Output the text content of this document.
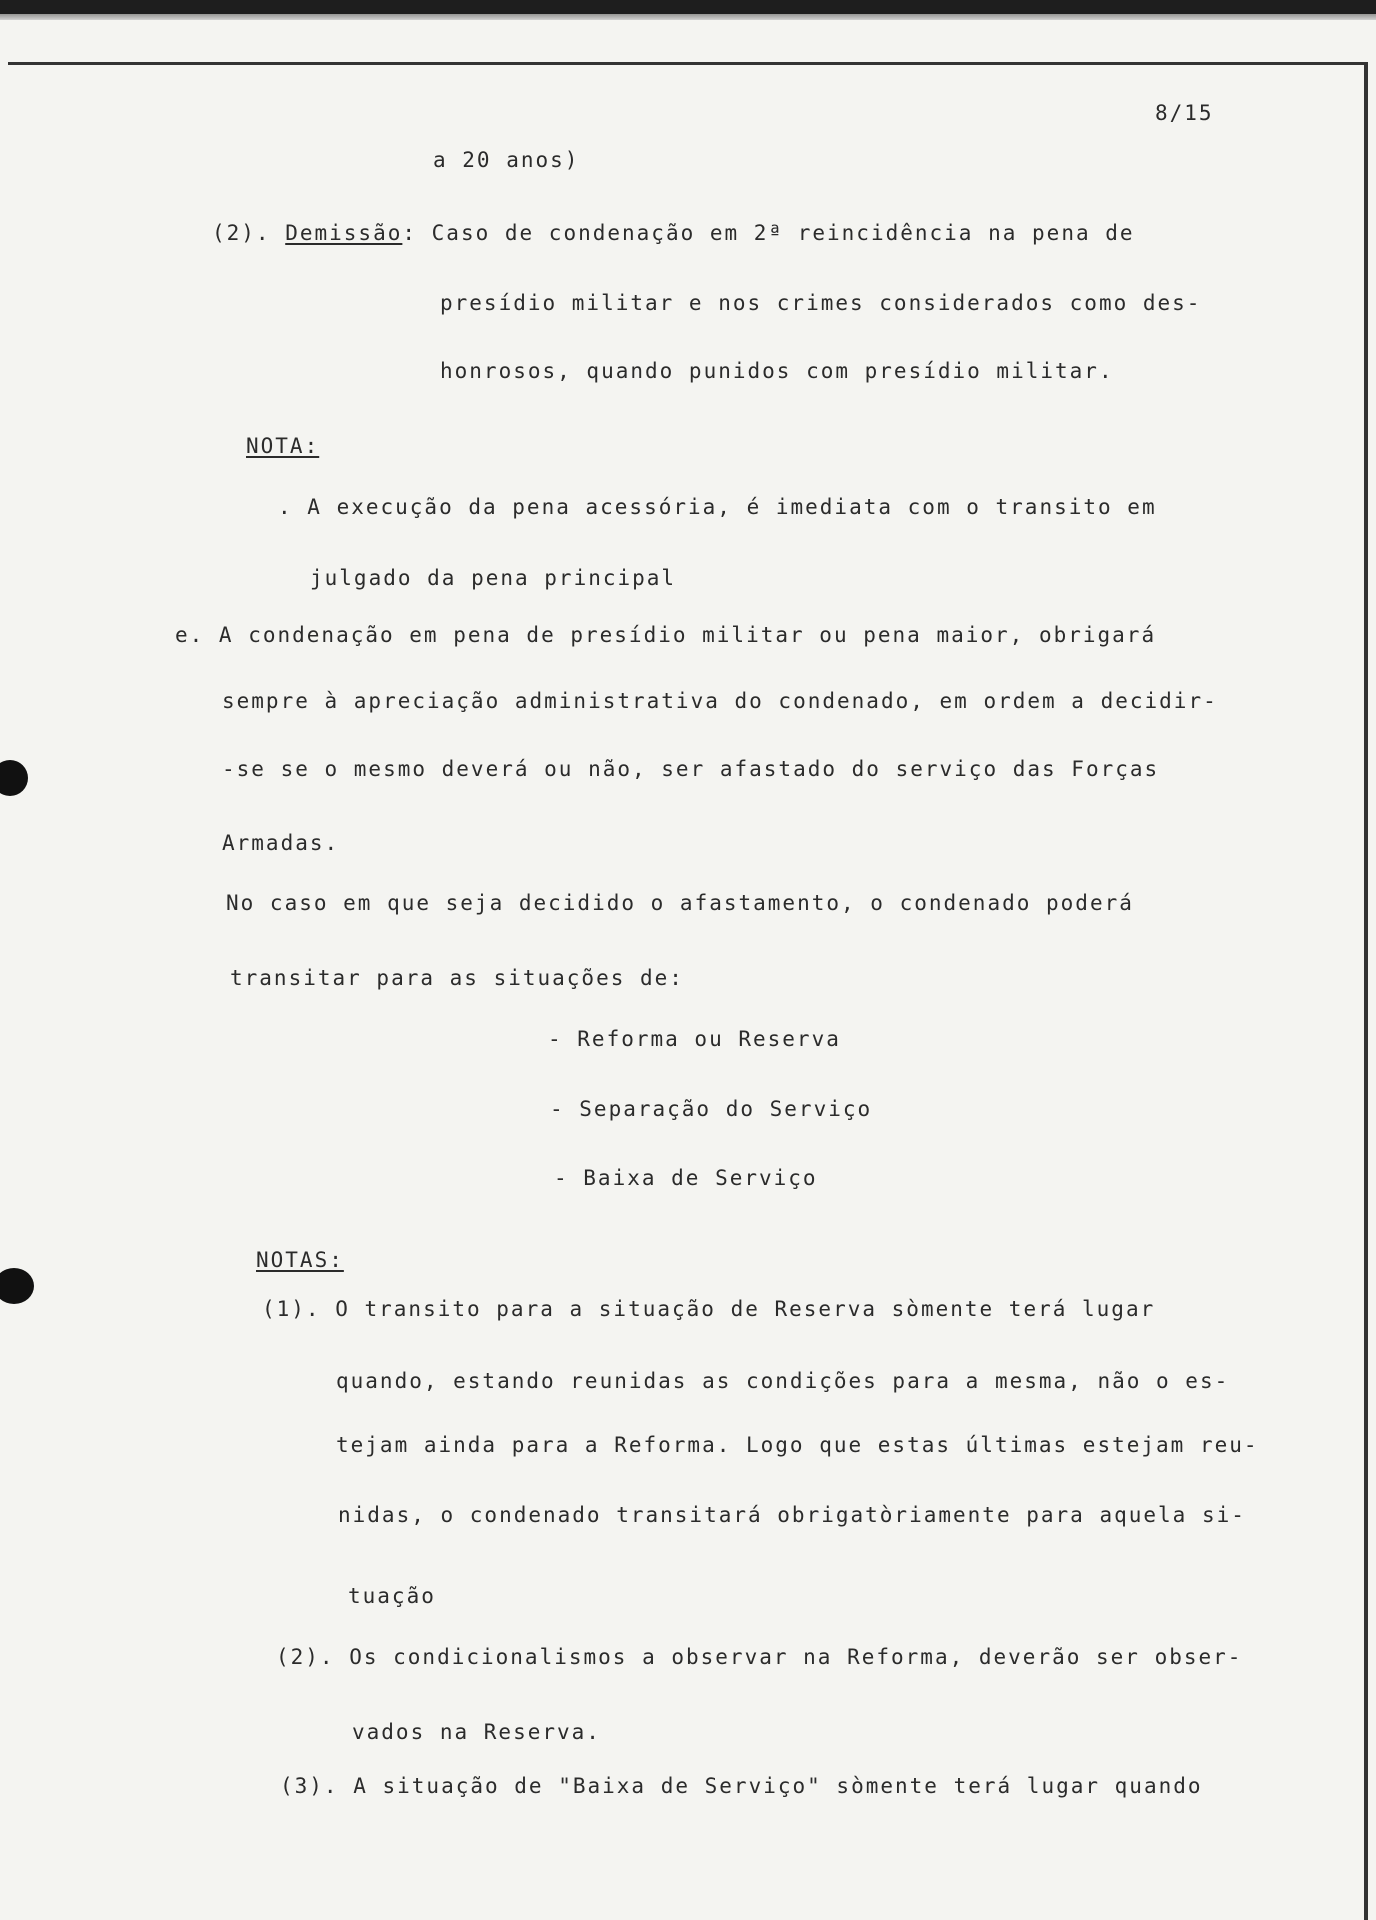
8/15
a 20 anos)
(2). Demissão: Caso de condenação em 2ª reincidência na pena de
presídio militar e nos crimes considerados como des-
honrosos, quando punidos com presídio militar.
NOTA:
. A execução da pena acessória, é imediata com o transito em
julgado da pena principal
e. A condenação em pena de presídio militar ou pena maior, obrigará
sempre à apreciação administrativa do condenado, em ordem a decidir-
-se se o mesmo deverá ou não, ser afastado do serviço das Forças
Armadas.
No caso em que seja decidido o afastamento, o condenado poderá
transitar para as situações de:
- Reforma ou Reserva
- Separação do Serviço
- Baixa de Serviço
NOTAS:
(1). O transito para a situação de Reserva sòmente terá lugar
quando, estando reunidas as condições para a mesma, não o es-
tejam ainda para a Reforma. Logo que estas últimas estejam reu-
nidas, o condenado transitará obrigatòriamente para aquela si-
tuação
(2). Os condicionalismos a observar na Reforma, deverão ser obser-
vados na Reserva.
(3). A situação de "Baixa de Serviço" sòmente terá lugar quando
